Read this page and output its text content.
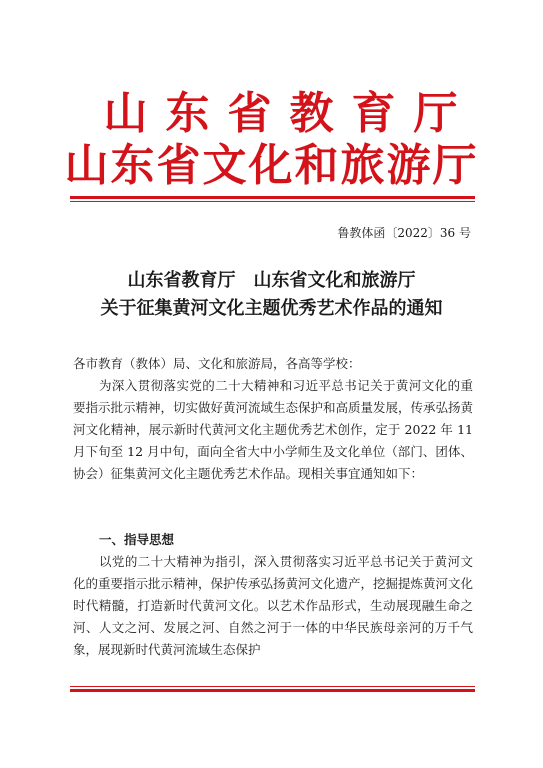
山东省教育厅
山东省文化和旅游厅
鲁教体函〔2022〕36 号
山东省教育厅　山东省文化和旅游厅
关于征集黄河文化主题优秀艺术作品的通知
各市教育（教体）局、文化和旅游局，各高等学校：
为深入贯彻落实党的二十大精神和习近平总书记关于黄河文化的重要指示批示精神，切实做好黄河流域生态保护和高质量发展，传承弘扬黄河文化精神，展示新时代黄河文化主题优秀艺术创作，定于 2022 年 11 月下旬至 12 月中旬，面向全省大中小学师生及文化单位（部门、团体、协会）征集黄河文化主题优秀艺术作品。现相关事宜通知如下：
一、指导思想
以党的二十大精神为指引，深入贯彻落实习近平总书记关于黄河文化的重要指示批示精神，保护传承弘扬黄河文化遗产，挖掘提炼黄河文化时代精髓，打造新时代黄河文化。以艺术作品形式，生动展现融生命之河、人文之河、发展之河、自然之河于一体的中华民族母亲河的万千气象，展现新时代黄河流域生态保护
